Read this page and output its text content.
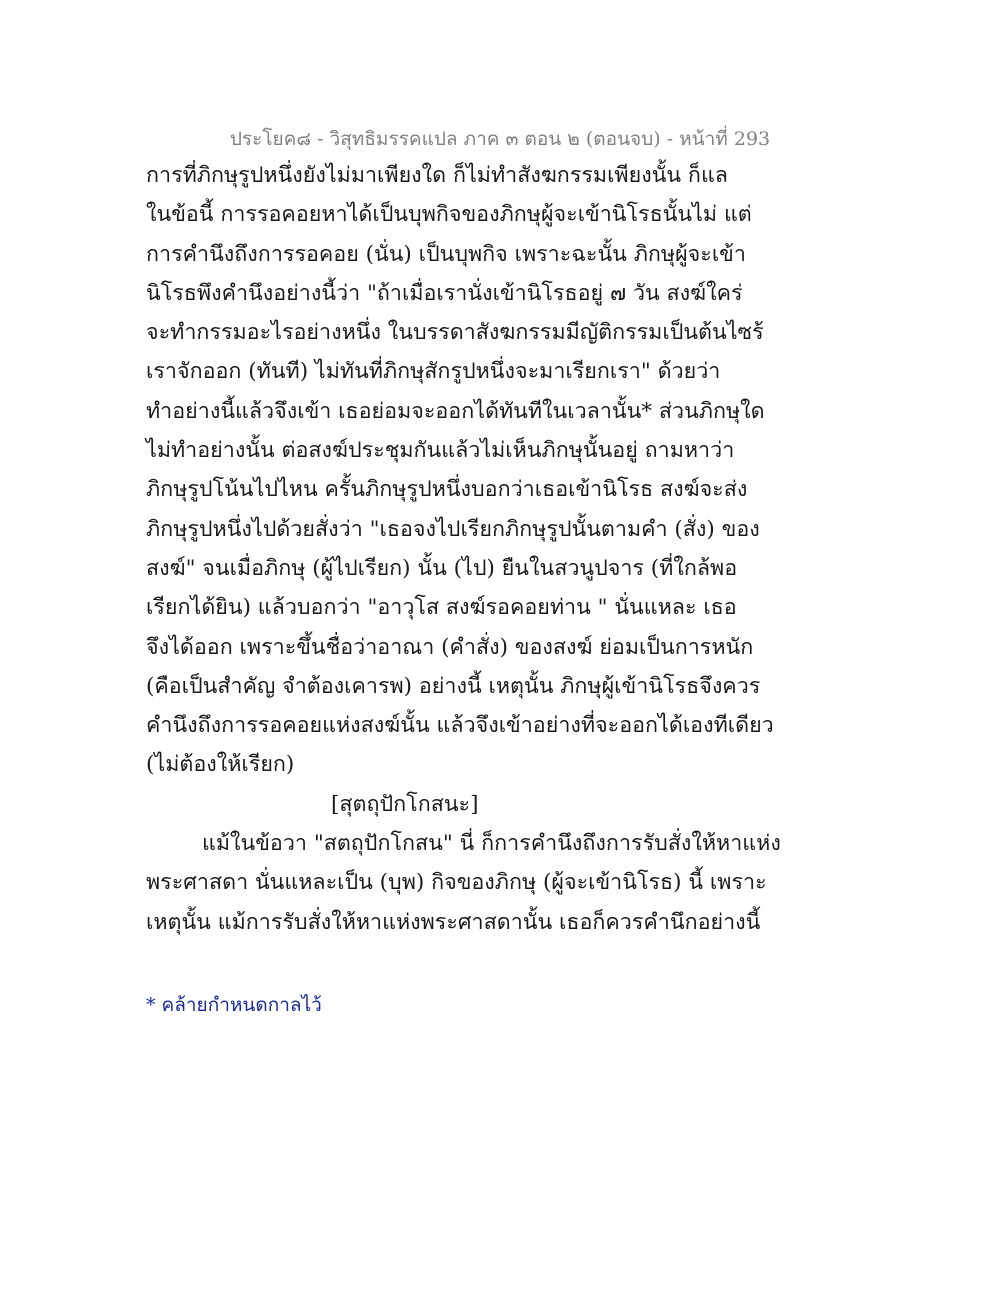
ประโยค๘ - วิสุทธิมรรคแปล ภาค ๓ ตอน ๒ (ตอนจบ) - หน้าที่ 293
การที่ภิกษุรูปหนึ่งยังไม่มาเพียงใด ก็ไม่ทำสังฆกรรมเพียงนั้น ก็แล
ในข้อนี้ การรอคอยหาได้เป็นบุพกิจของภิกษุผู้จะเข้านิโรธนั้นไม่ แต่
การคำนึงถึงการรอคอย (นั่น) เป็นบุพกิจ เพราะฉะนั้น ภิกษุผู้จะเข้า
นิโรธพึงคำนึงอย่างนี้ว่า "ถ้าเมื่อเรานั่งเข้านิโรธอยู่ ๗ วัน สงฆ์ใคร่
จะทำกรรมอะไรอย่างหนึ่ง ในบรรดาสังฆกรรมมีญัติกรรมเป็นต้นไซร้
เราจักออก (ทันที) ไม่ทันที่ภิกษุสักรูปหนึ่งจะมาเรียกเรา" ด้วยว่า
ทำอย่างนี้แล้วจึงเข้า เธอย่อมจะออกได้ทันทีในเวลานั้น* ส่วนภิกษุใด
ไม่ทำอย่างนั้น ต่อสงฆ์ประชุมกันแล้วไม่เห็นภิกษุนั้นอยู่ ถามหาว่า
ภิกษุรูปโน้นไปไหน ครั้นภิกษุรูปหนึ่งบอกว่าเธอเข้านิโรธ สงฆ์จะส่ง
ภิกษุรูปหนึ่งไปด้วยสั่งว่า "เธอจงไปเรียกภิกษุรูปนั้นตามคำ (สั่ง) ของ
สงฆ์" จนเมื่อภิกษุ (ผู้ไปเรียก) นั้น (ไป) ยืนในสวนูปจาร (ที่ใกล้พอ
เรียกได้ยิน) แล้วบอกว่า "อาวุโส สงฆ์รอคอยท่าน " นั่นแหละ เธอ
จึงได้ออก เพราะขึ้นชื่อว่าอาณา (คำสั่ง) ของสงฆ์ ย่อมเป็นการหนัก
(คือเป็นสำคัญ จำต้องเคารพ) อย่างนี้ เหตุนั้น ภิกษุผู้เข้านิโรธจึงควร
คำนึงถึงการรอคอยแห่งสงฆ์นั้น แล้วจึงเข้าอย่างที่จะออกได้เองทีเดียว
(ไม่ต้องให้เรียก)
[สุตถุปักโกสนะ]
แม้ในข้อวา "สตถุปักโกสน" นี่ ก็การคำนึงถึงการรับสั่งให้หาแห่ง
พระศาสดา นั่นแหละเป็น (บุพ) กิจของภิกษุ (ผู้จะเข้านิโรธ) นี้ เพราะ
เหตุนั้น แม้การรับสั่งให้หาแห่งพระศาสดานั้น เธอก็ควรคำนึกอย่างนี้
* คล้ายกำหนดกาลไว้
